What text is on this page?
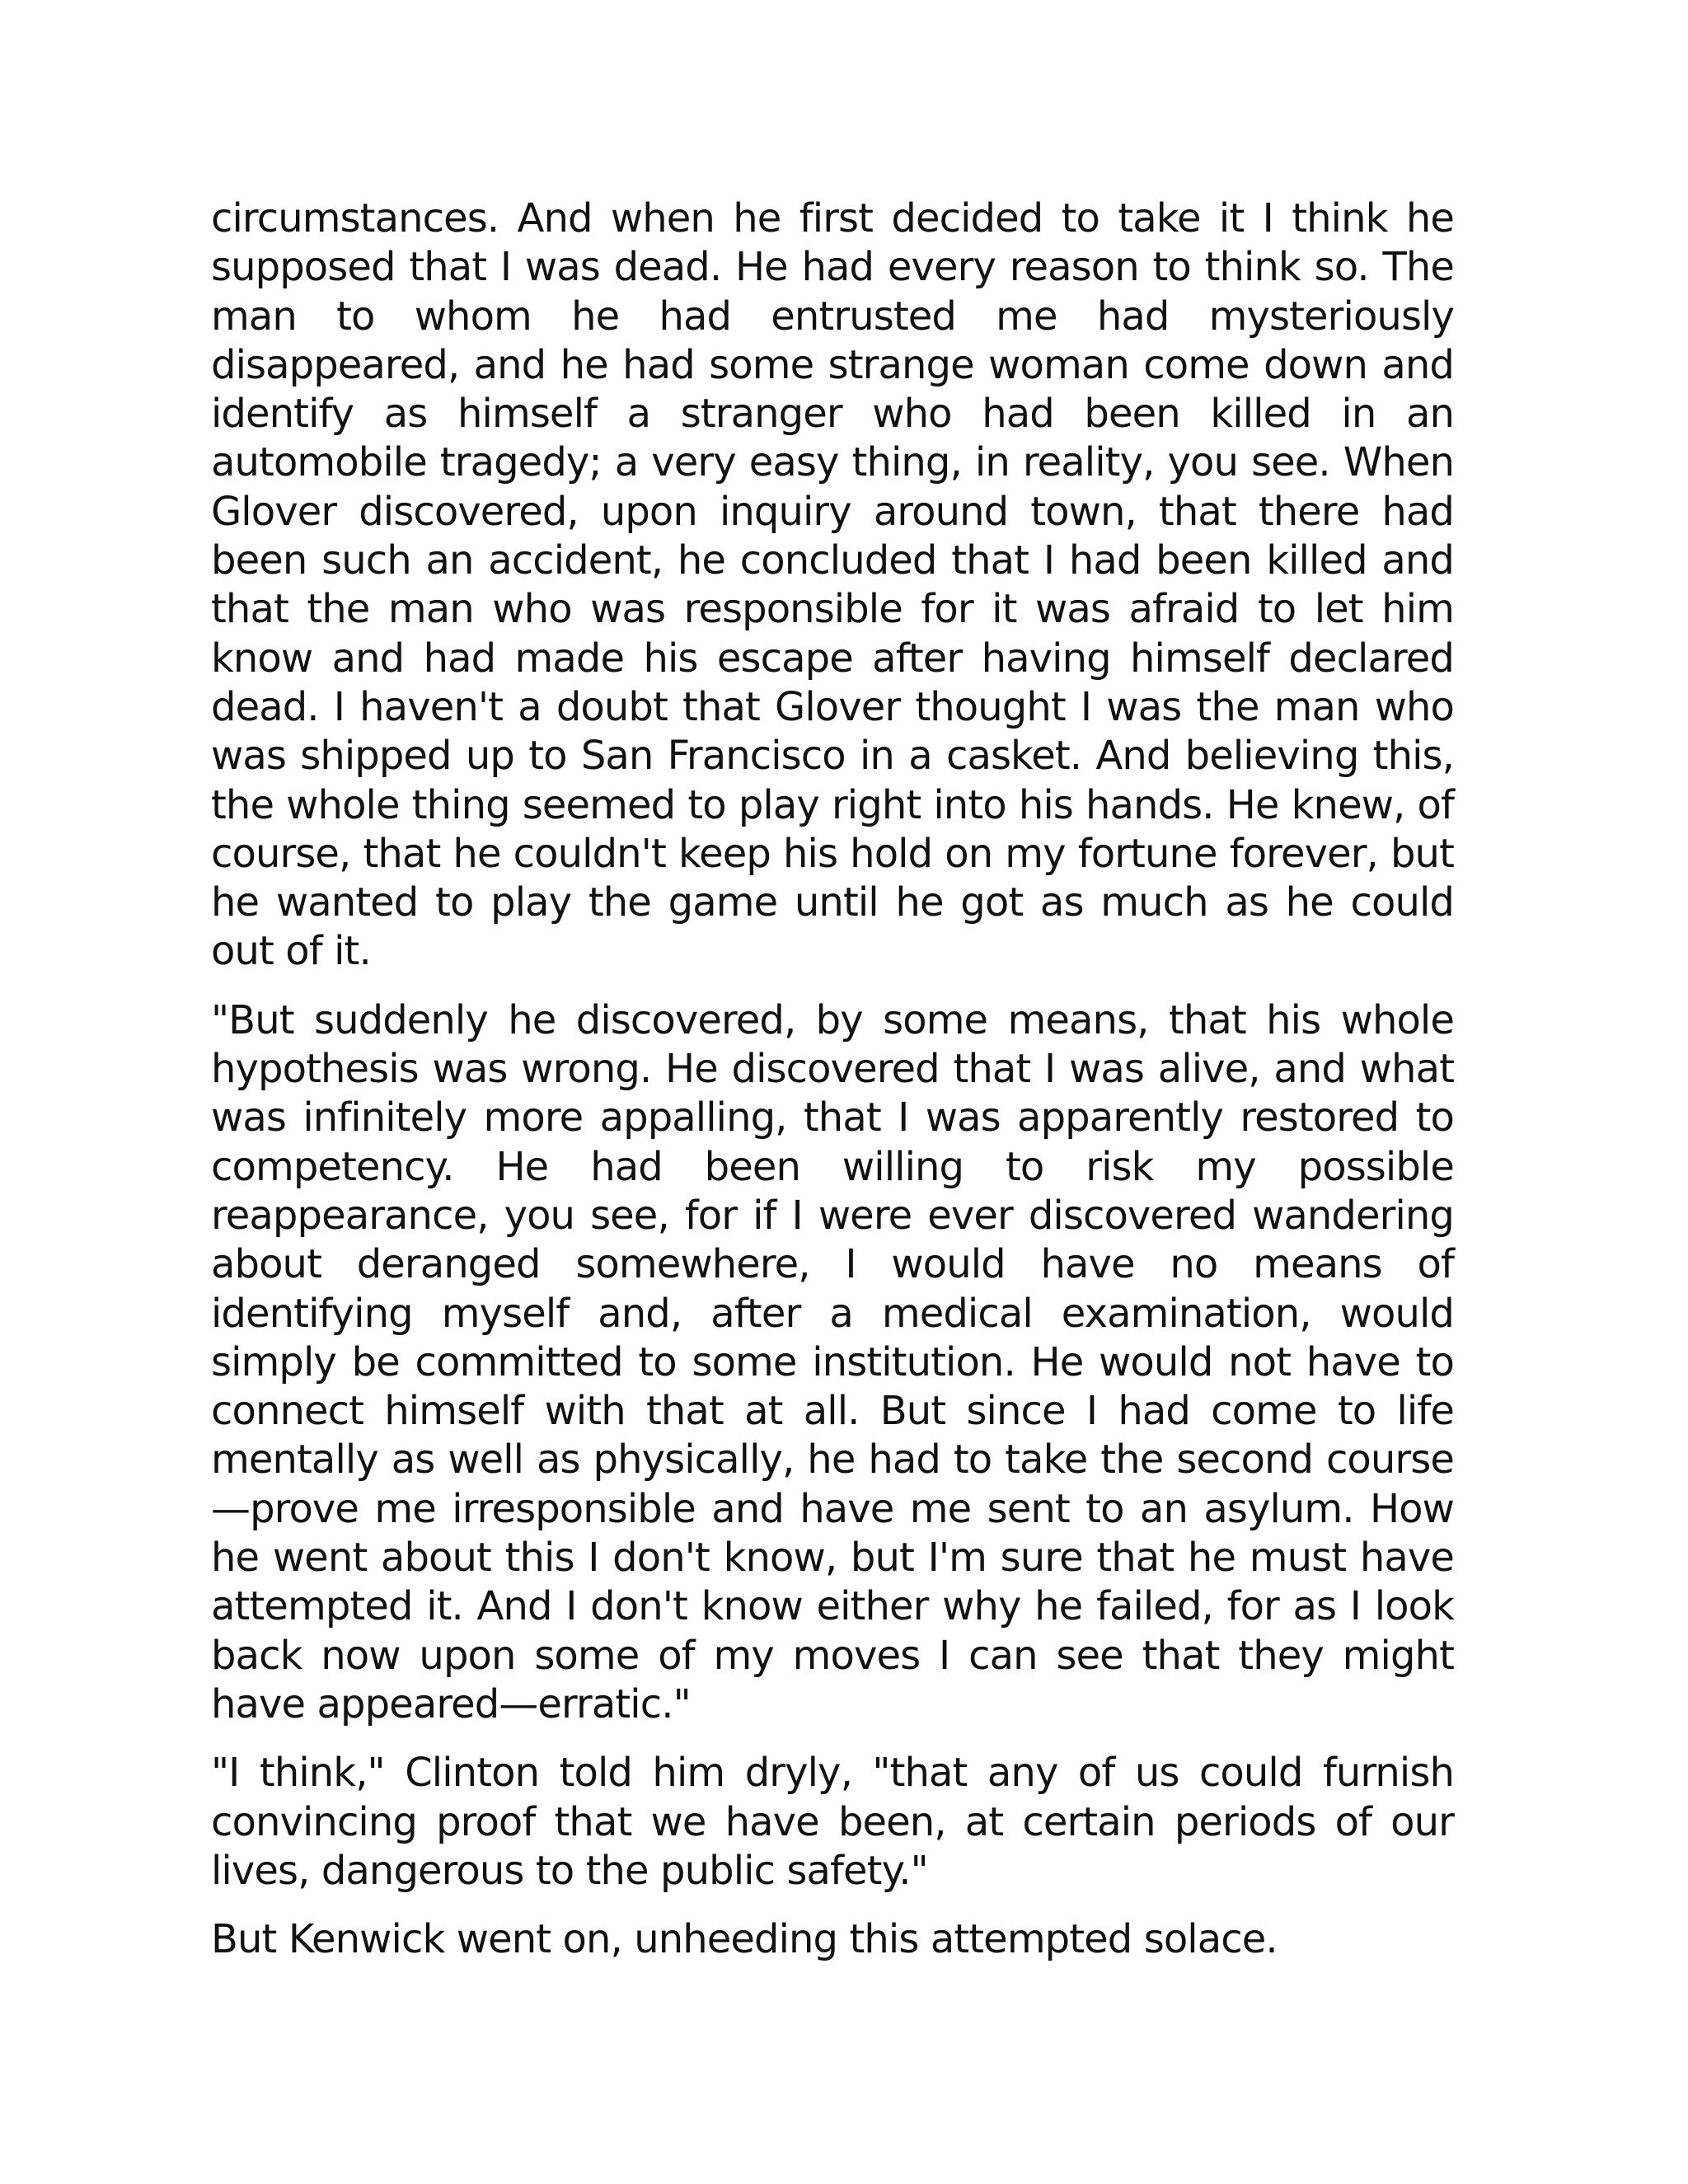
circumstances. And when he first decided to take it I think he supposed that I was dead. He had every reason to think so. The man to whom he had entrusted me had mysteriously disappeared, and he had some strange woman come down and identify as himself a stranger who had been killed in an automobile tragedy; a very easy thing, in reality, you see. When Glover discovered, upon inquiry around town, that there had been such an accident, he concluded that I had been killed and that the man who was responsible for it was afraid to let him know and had made his escape after having himself declared dead. I haven't a doubt that Glover thought I was the man who was shipped up to San Francisco in a casket. And believing this, the whole thing seemed to play right into his hands. He knew, of course, that he couldn't keep his hold on my fortune forever, but he wanted to play the game until he got as much as he could out of it.

"But suddenly he discovered, by some means, that his whole hypothesis was wrong. He discovered that I was alive, and what was infinitely more appalling, that I was apparently restored to competency. He had been willing to risk my possible reappearance, you see, for if I were ever discovered wandering about deranged somewhere, I would have no means of identifying myself and, after a medical examination, would simply be committed to some institution. He would not have to connect himself with that at all. But since I had come to life mentally as well as physically, he had to take the second course—prove me irresponsible and have me sent to an asylum. How he went about this I don't know, but I'm sure that he must have attempted it. And I don't know either why he failed, for as I look back now upon some of my moves I can see that they might have appeared—erratic."

"I think," Clinton told him dryly, "that any of us could furnish convincing proof that we have been, at certain periods of our lives, dangerous to the public safety."

But Kenwick went on, unheeding this attempted solace.
